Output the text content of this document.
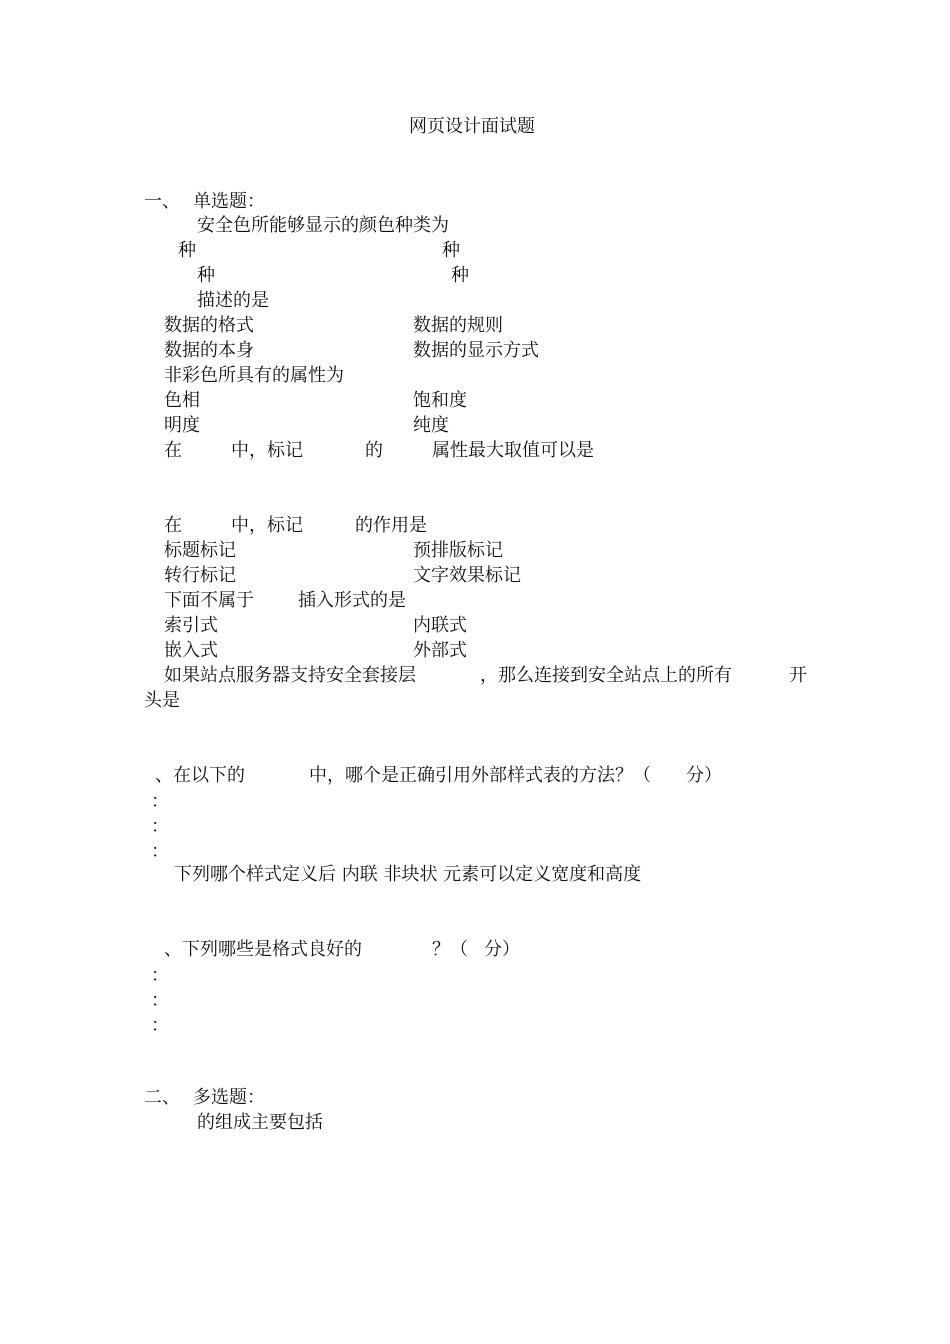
网页设计面试题
一、 单选题：
安全色所能够显示的颜色种类为
种	种
种	种
描述的是
数据的格式	数据的规则
数据的本身	数据的显示方式
非彩色所具有的属性为
色相	饱和度
明度	纯度
在	中，标记	的	属性最大取值可以是
在	中，标记	的作用是
标题标记	预排版标记
转行标记	文字效果标记
下面不属于 插入形式的是
索引式	内联式
嵌入式	外部式
如果站点服务器支持安全套接层	，那么连接到安全站点上的所有	开
头是
、在以下的	中，哪个是正确引用外部样式表的方法？（ 分）
：
：
：
下列哪个样式定义后 内联 非块状 元素可以定义宽度和高度
、下列哪些是格式良好的	？（ 分）
：
：
：
二、 多选题：
的组成主要包括
